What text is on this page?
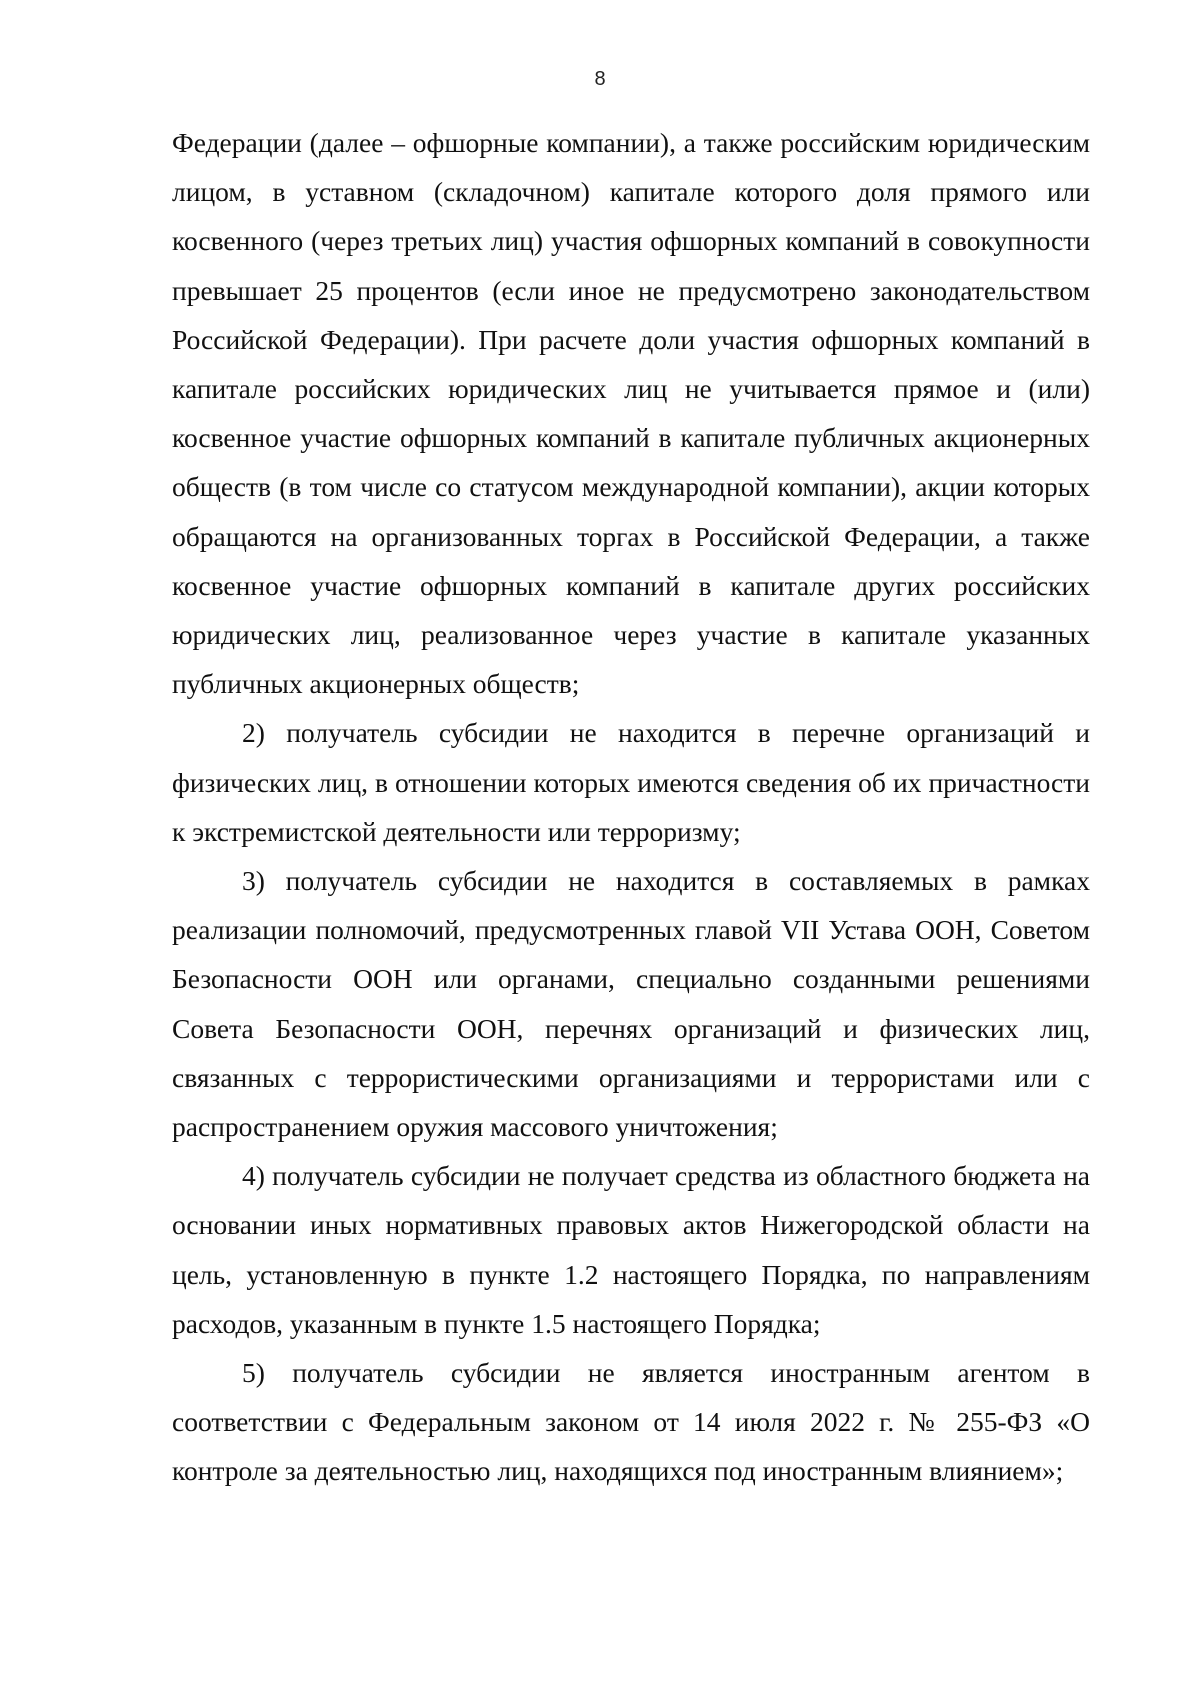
8

Федерации (далее – офшорные компании), а также российским юридическим лицом, в уставном (складочном) капитале которого доля прямого или косвенного (через третьих лиц) участия офшорных компаний в совокупности превышает 25 процентов (если иное не предусмотрено законодательством Российской Федерации). При расчете доли участия офшорных компаний в капитале российских юридических лиц не учитывается прямое и (или) косвенное участие офшорных компаний в капитале публичных акционерных обществ (в том числе со статусом международной компании), акции которых обращаются на организованных торгах в Российской Федерации, а также косвенное участие офшорных компаний в капитале других российских юридических лиц, реализованное через участие в капитале указанных публичных акционерных обществ;

2) получатель субсидии не находится в перечне организаций и физических лиц, в отношении которых имеются сведения об их причастности к экстремистской деятельности или терроризму;

3) получатель субсидии не находится в составляемых в рамках реализации полномочий, предусмотренных главой VII Устава ООН, Советом Безопасности ООН или органами, специально созданными решениями Совета Безопасности ООН, перечнях организаций и физических лиц, связанных с террористическими организациями и террористами или с распространением оружия массового уничтожения;

4) получатель субсидии не получает средства из областного бюджета на основании иных нормативных правовых актов Нижегородской области на цель, установленную в пункте 1.2 настоящего Порядка, по направлениям расходов, указанным в пункте 1.5 настоящего Порядка;

5) получатель субсидии не является иностранным агентом в соответствии с Федеральным законом от 14 июля 2022 г. № 255-ФЗ «О контроле за деятельностью лиц, находящихся под иностранным влиянием»;
